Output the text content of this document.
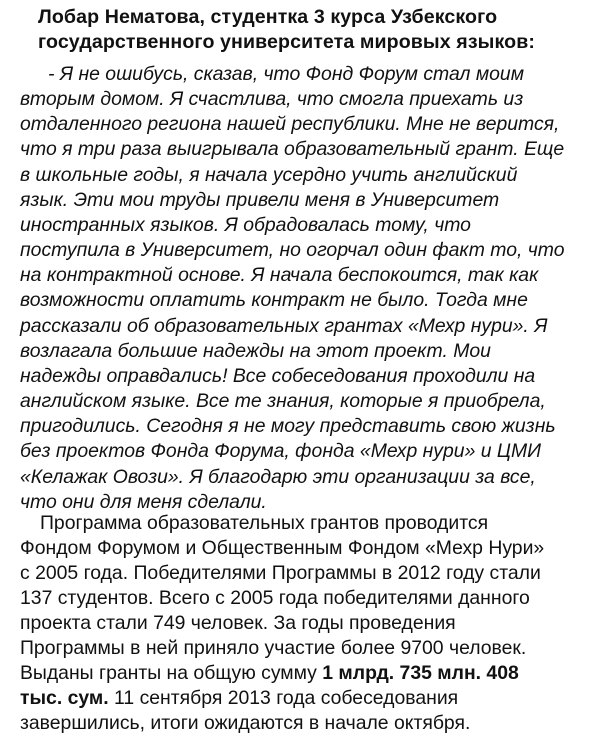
Лобар Нематова, студентка 3 курса Узбекского
государственного университета мировых языков:
- Я не ошибусь, сказав, что Фонд Форум стал моим
вторым домом. Я счастлива, что смогла приехать из
отдаленного региона нашей республики. Мне не верится,
что я три раза выигрывала образовательный грант. Еще
в школьные годы, я начала усердно учить английский
язык. Эти мои труды привели меня в Университет
иностранных языков. Я обрадовалась тому, что
поступила в Университет, но огорчал один факт то, что
на контрактной основе. Я начала беспокоится, так как
возможности оплатить контракт не было. Тогда мне
рассказали об образовательных грантах «Мехр нури». Я
возлагала большие надежды на этот проект. Мои
надежды оправдались! Все собеседования проходили на
английском языке. Все те знания, которые я приобрела,
пригодились. Сегодня я не могу представить свою жизнь
без проектов Фонда Форума, фонда «Мехр нури» и ЦМИ
«Келажак Овози». Я благодарю эти организации за все,
что они для меня сделали.
Программа образовательных грантов проводится
Фондом Форумом и Общественным Фондом «Мехр Нури»
с 2005 года. Победителями Программы в 2012 году стали
137 студентов. Всего с 2005 года победителями данного
проекта стали 749 человек. За годы проведения
Программы в ней приняло участие более 9700 человек.
Выданы гранты на общую сумму 1 млрд. 735 млн. 408
тыс. сум. 11 сентября 2013 года собеседования
завершились, итоги ожидаются в начале октября.
